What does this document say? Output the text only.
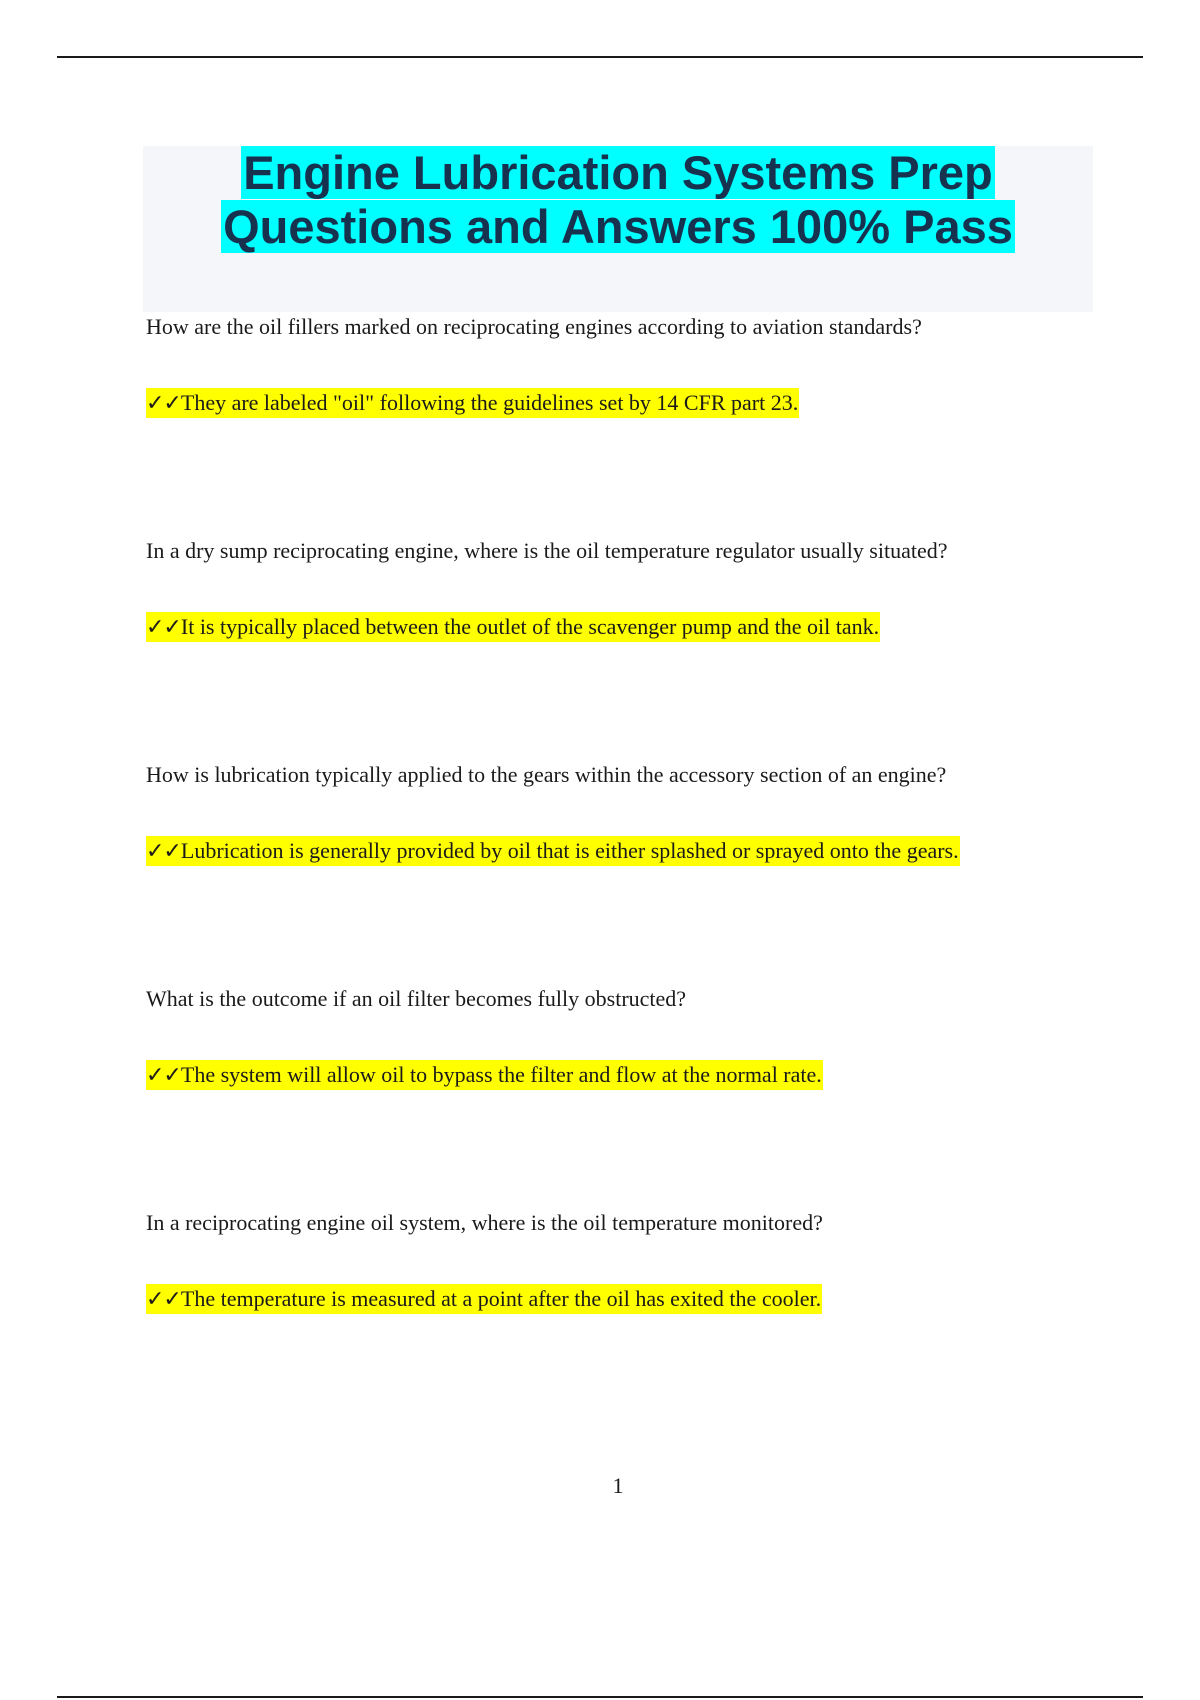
Engine Lubrication Systems Prep
Questions and Answers 100% Pass

How are the oil fillers marked on reciprocating engines according to aviation standards?

✓✓They are labeled "oil" following the guidelines set by 14 CFR part 23.

In a dry sump reciprocating engine, where is the oil temperature regulator usually situated?

✓✓It is typically placed between the outlet of the scavenger pump and the oil tank.

How is lubrication typically applied to the gears within the accessory section of an engine?

✓✓Lubrication is generally provided by oil that is either splashed or sprayed onto the gears.

What is the outcome if an oil filter becomes fully obstructed?

✓✓The system will allow oil to bypass the filter and flow at the normal rate.

In a reciprocating engine oil system, where is the oil temperature monitored?

✓✓The temperature is measured at a point after the oil has exited the cooler.

1
